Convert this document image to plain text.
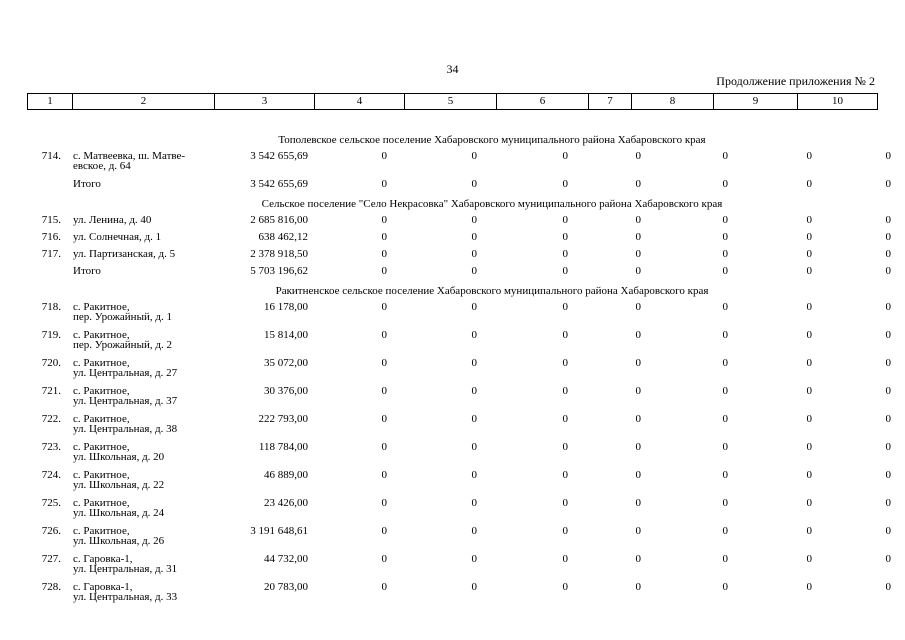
34
Продолжение приложения № 2
1	2	3	4	5	6	7	8	9	10
Тополевское сельское поселение Хабаровского муниципального района Хабаровского края
714. с. Матвеевка, ш. Матве-
евское, д. 64
3 542 655,69	0	0	0	0	0	0	0
Итого	3 542 655,69	0	0	0	0	0	0	0
Сельское поселение "Село Некрасовка" Хабаровского муниципального района Хабаровского края
715. ул. Ленина, д. 40	2 685 816,00	0	0	0	0	0	0	0
716. ул. Солнечная, д. 1	638 462,12	0	0	0	0	0	0	0
717. ул. Партизанская, д. 5	2 378 918,50	0	0	0	0	0	0	0
Итого	5 703 196,62	0	0	0	0	0	0	0
Ракитненское сельское поселение Хабаровского муниципального района Хабаровского края
718. с. Ракитное,
пер. Урожайный, д. 1
16 178,00	0	0	0	0	0	0	0
719. с. Ракитное,
пер. Урожайный, д. 2
15 814,00	0	0	0	0	0	0	0
720. с. Ракитное,
ул. Центральная, д. 27
35 072,00	0	0	0	0	0	0	0
721. с. Ракитное,
ул. Центральная, д. 37
30 376,00	0	0	0	0	0	0	0
722. с. Ракитное,
ул. Центральная, д. 38
222 793,00	0	0	0	0	0	0	0
723. с. Ракитное,
ул. Школьная, д. 20
118 784,00	0	0	0	0	0	0	0
724. с. Ракитное,
ул. Школьная, д. 22
46 889,00	0	0	0	0	0	0	0
725. с. Ракитное,
ул. Школьная, д. 24
23 426,00	0	0	0	0	0	0	0
726. с. Ракитное,
ул. Школьная, д. 26
3 191 648,61	0	0	0	0	0	0	0
727. с. Гаровка-1,
ул. Центральная, д. 31
44 732,00	0	0	0	0	0	0	0
728. с. Гаровка-1,
ул. Центральная, д. 33
20 783,00	0	0	0	0	0	0	0
